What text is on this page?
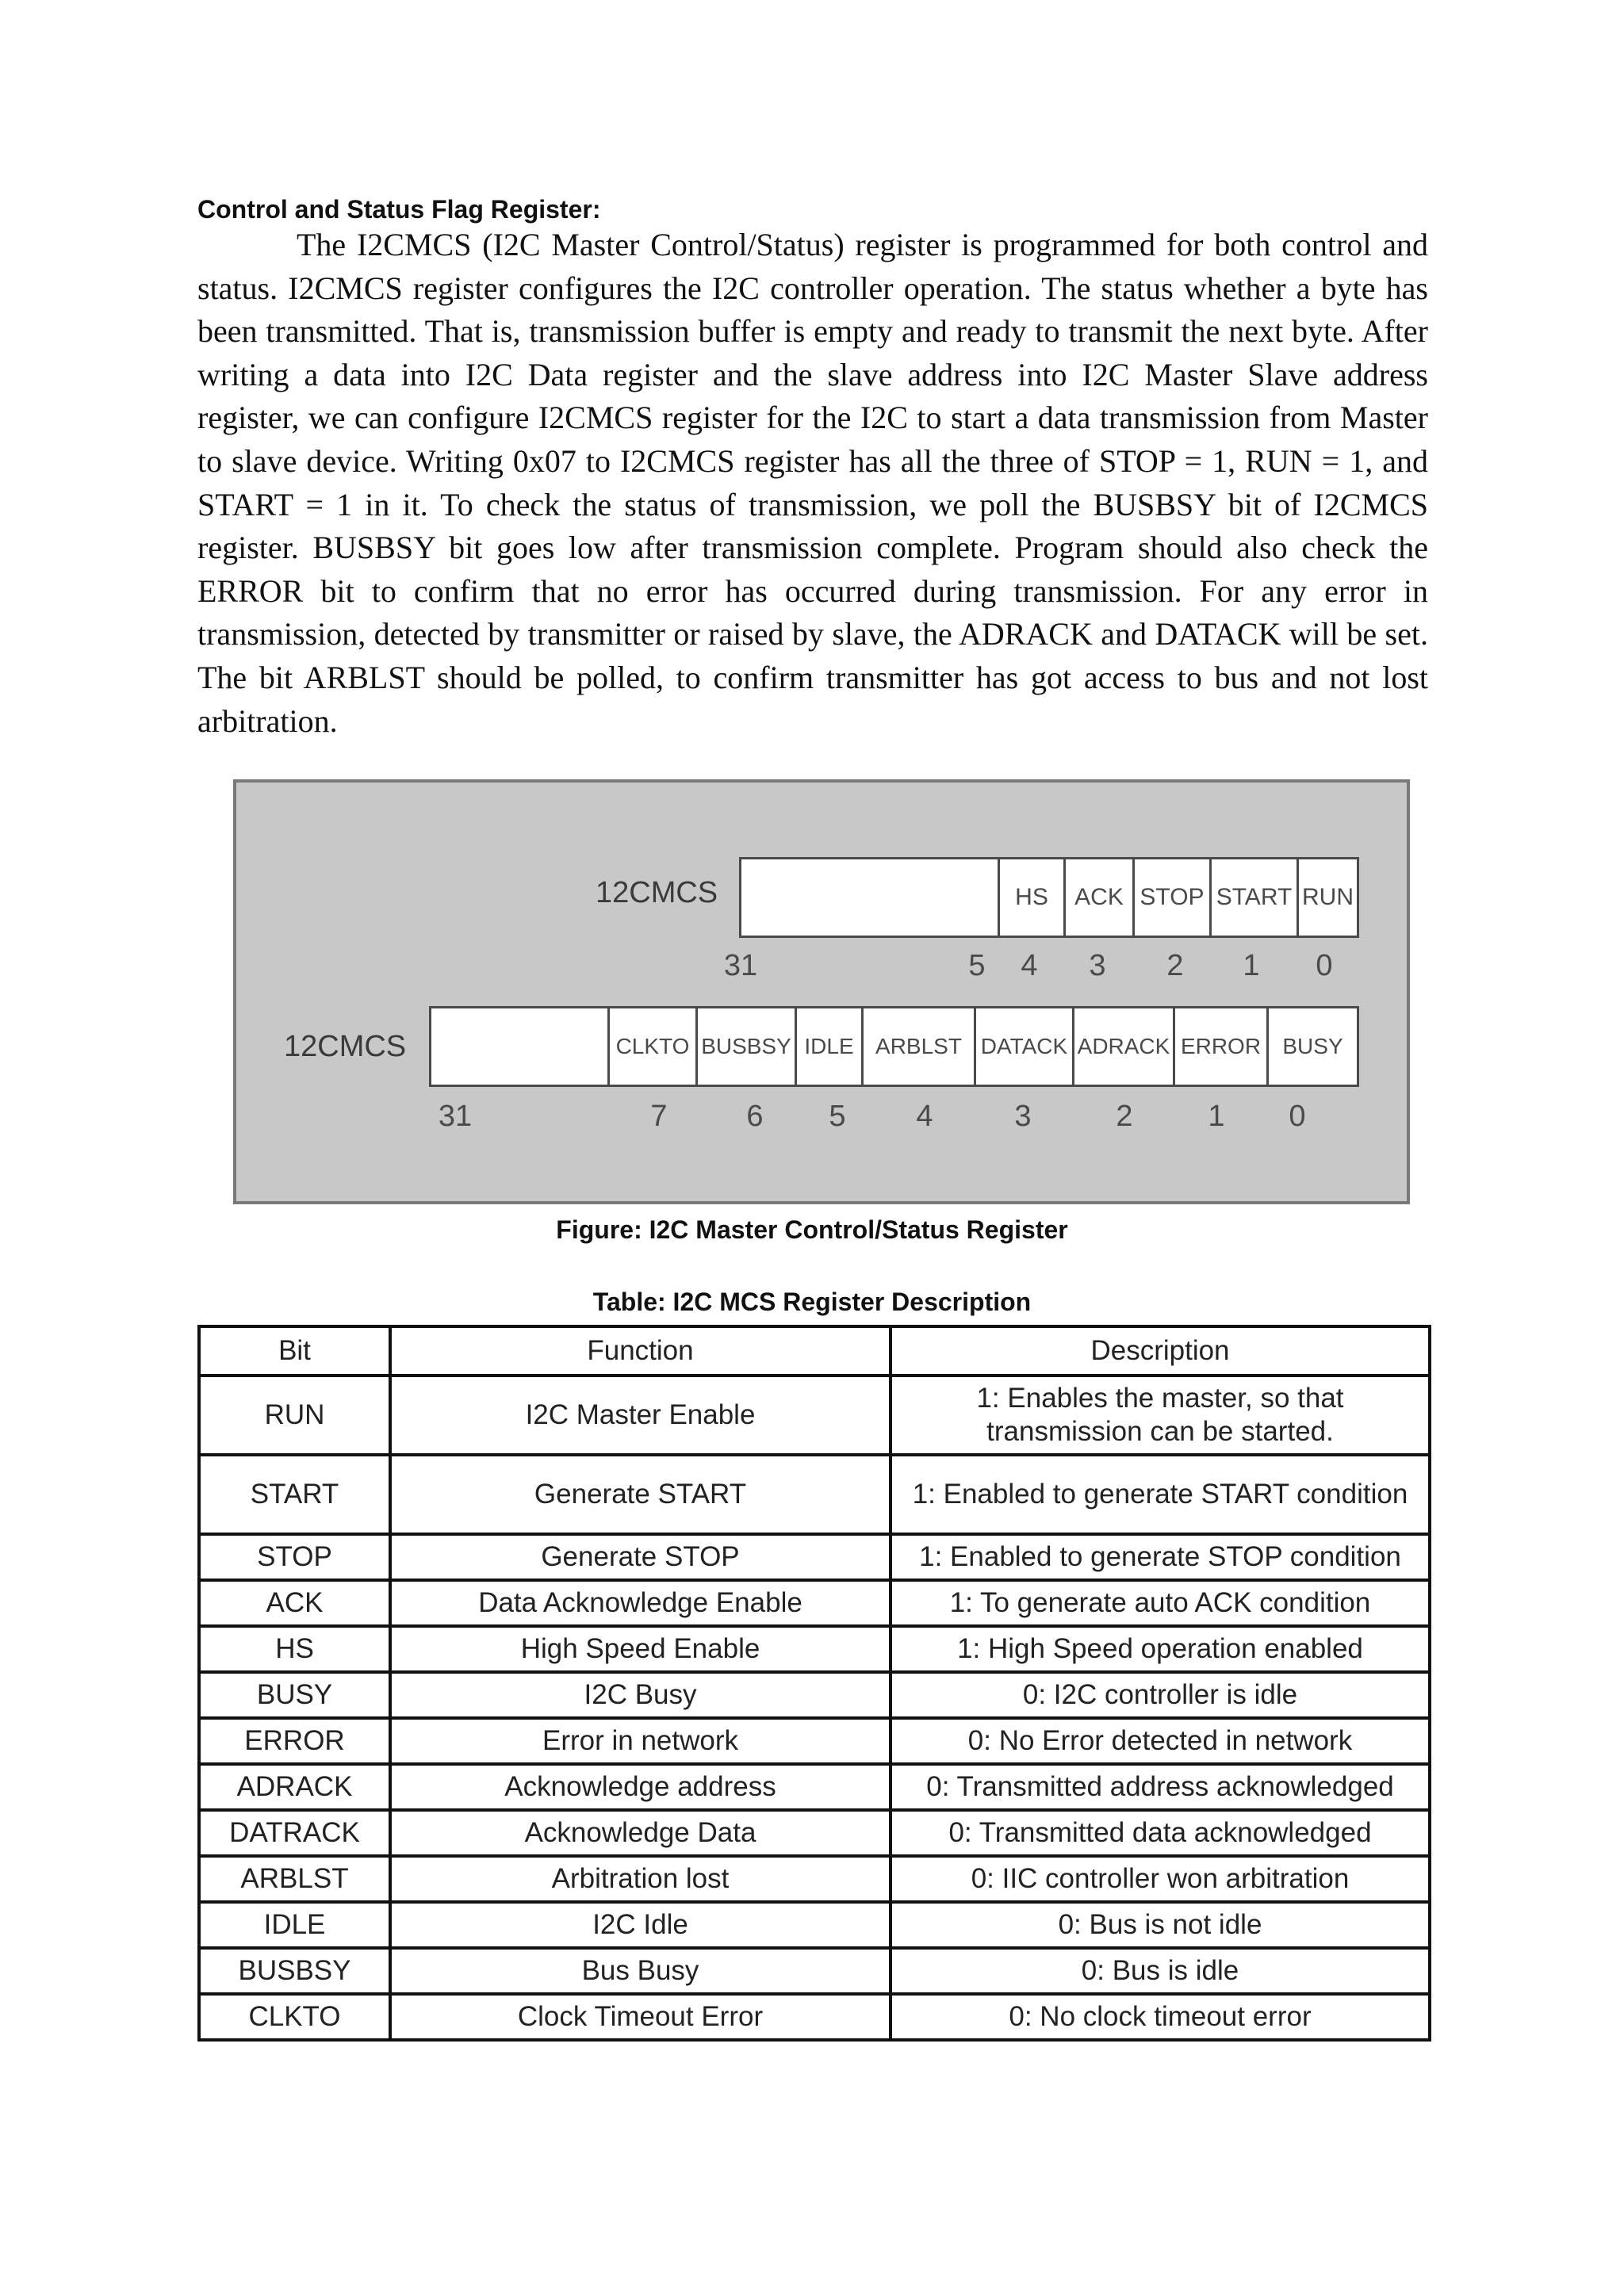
Control and Status Flag Register:

The I2CMCS (I2C Master Control/Status) register is programmed for both control and status. I2CMCS register configures the I2C controller operation. The status whether a byte has been transmitted. That is, transmission buffer is empty and ready to transmit the next byte. After writing a data into I2C Data register and the slave address into I2C Master Slave address register, we can configure I2CMCS register for the I2C to start a data transmission from Master to slave device. Writing 0x07 to I2CMCS register has all the three of STOP = 1, RUN = 1, and START = 1 in it. To check the status of transmission, we poll the BUSBSY bit of I2CMCS register. BUSBSY bit goes low after transmission complete. Program should also check the ERROR bit to confirm that no error has occurred during transmission. For any error in transmission, detected by transmitter or raised by slave, the ADRACK and DATACK will be set. The bit ARBLST should be polled, to confirm transmitter has got access to bus and not lost arbitration.

12CMCS	HS	ACK STOP START RUN
31	5 4 3 2 1 0
12CMCS	CLKTO BUSBSY IDLE ARBLST DATACK ADRACK ERROR BUSY
31	7	6 5 4	3	2 1 0
Figure: I2C Master Control/Status Register
Table: I2C MCS Register Description
Bit	Function	Description
RUN	I2C Master Enable	1: Enables the master, so that transmission can be started.
START	Generate START	1: Enabled to generate START condition
STOP	Generate STOP	1: Enabled to generate STOP condition
ACK	Data Acknowledge Enable	1: To generate auto ACK condition
HS	High Speed Enable	1: High Speed operation enabled
BUSY	I2C Busy	0: I2C controller is idle
ERROR	Error in network	0: No Error detected in network
ADRACK	Acknowledge address	0: Transmitted address acknowledged
DATRACK	Acknowledge Data	0: Transmitted data acknowledged
ARBLST	Arbitration lost	0: IIC controller won arbitration
IDLE	I2C Idle	0: Bus is not idle
BUSBSY	Bus Busy	0: Bus is idle
CLKTO	Clock Timeout Error	0: No clock timeout error
